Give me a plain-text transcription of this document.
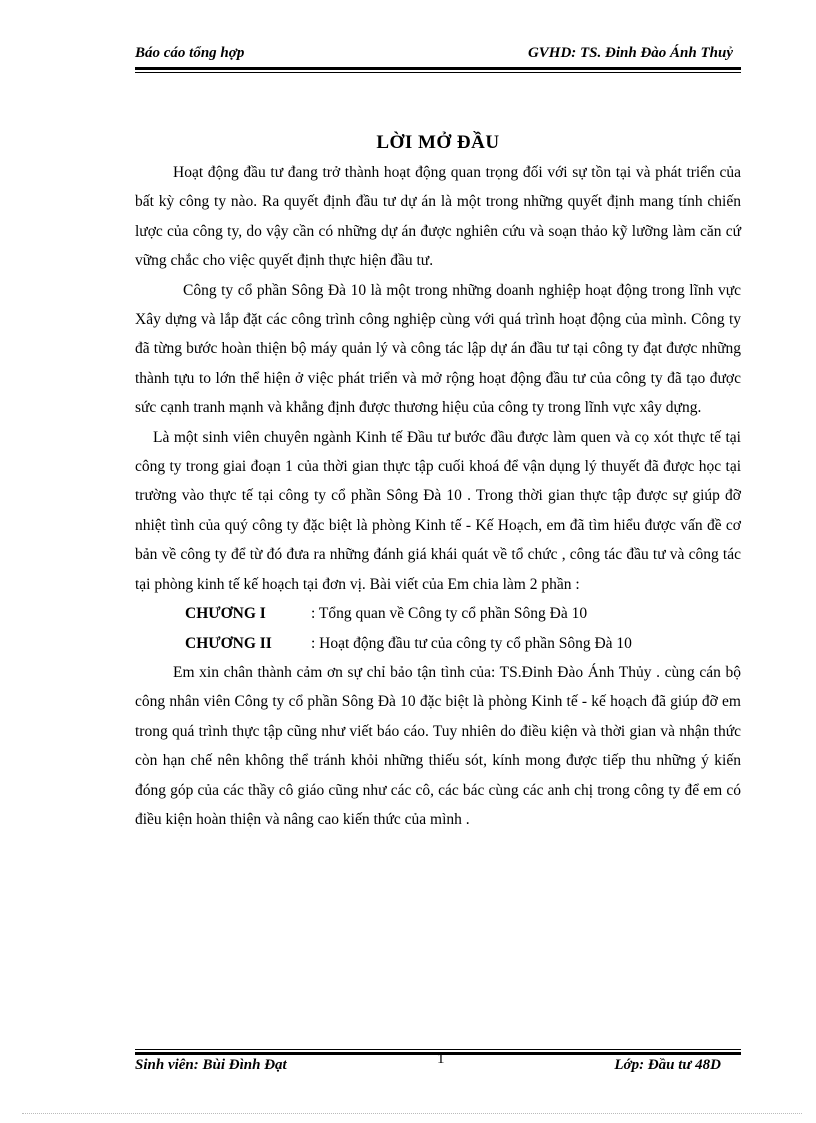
Báo cáo tổng hợp	GVHD: TS. Đinh Đào Ánh Thuỷ
LỜI MỞ ĐẦU

Hoạt động đầu tư đang trở thành hoạt động quan trọng đối với sự tồn tại và phát triển của bất kỳ công ty nào. Ra quyết định đầu tư dự án là một trong những quyết định mang tính chiến lược của công ty, do vậy cần có những dự án được nghiên cứu và soạn thảo kỹ lưỡng làm căn cứ vững chắc cho việc quyết định thực hiện đầu tư.

Công ty cổ phần Sông Đà 10 là một trong những doanh nghiệp hoạt động trong lĩnh vực Xây dựng và lắp đặt các công trình công nghiệp cùng với quá trình hoạt động của mình. Công ty đã từng bước hoàn thiện bộ máy quản lý và công tác lập dự án đầu tư tại công ty đạt được những thành tựu to lớn thể hiện ở việc phát triển và mở rộng hoạt động đầu tư của công ty đã tạo được sức cạnh tranh mạnh và khẳng định được thương hiệu của công ty trong lĩnh vực xây dựng.

Là một sinh viên chuyên ngành Kinh tế Đầu tư bước đầu được làm quen và cọ xót thực tế tại công ty trong giai đoạn 1 của thời gian thực tập cuối khoá để vận dụng lý thuyết đã được học tại trường vào thực tế tại công ty cổ phần Sông Đà 10 . Trong thời gian thực tập được sự giúp đỡ nhiệt tình của quý công ty đặc biệt là phòng Kinh tế - Kế Hoạch, em đã tìm hiểu được vấn đề cơ bản về công ty để từ đó đưa ra những đánh giá khái quát về tổ chức , công tác đầu tư và công tác tại phòng kinh tế kế hoạch tại đơn vị. Bài viết của Em chia làm 2 phần :

CHƯƠNG I	: Tổng quan về Công ty cổ phần Sông Đà 10

CHƯƠNG II	: Hoạt động đầu tư của công ty cổ phần Sông Đà 10

Em xin chân thành cảm ơn sự chỉ bảo tận tình của: TS.Đinh Đào Ánh Thủy . cùng cán bộ công nhân viên Công ty cổ phần Sông Đà 10 đặc biệt là phòng Kinh tế - kế hoạch đã giúp đỡ em trong quá trình thực tập cũng như viết báo cáo. Tuy nhiên do điều kiện và thời gian và nhận thức còn hạn chế nên không thể tránh khỏi những thiếu sót, kính mong được tiếp thu những ý kiến đóng góp của các thầy cô giáo cũng như các cô, các bác cùng các anh chị trong công ty để em có điều kiện hoàn thiện và nâng cao kiến thức của mình .

Sinh viên: Bùi Đình Đạt	1	Lớp: Đầu tư 48D
